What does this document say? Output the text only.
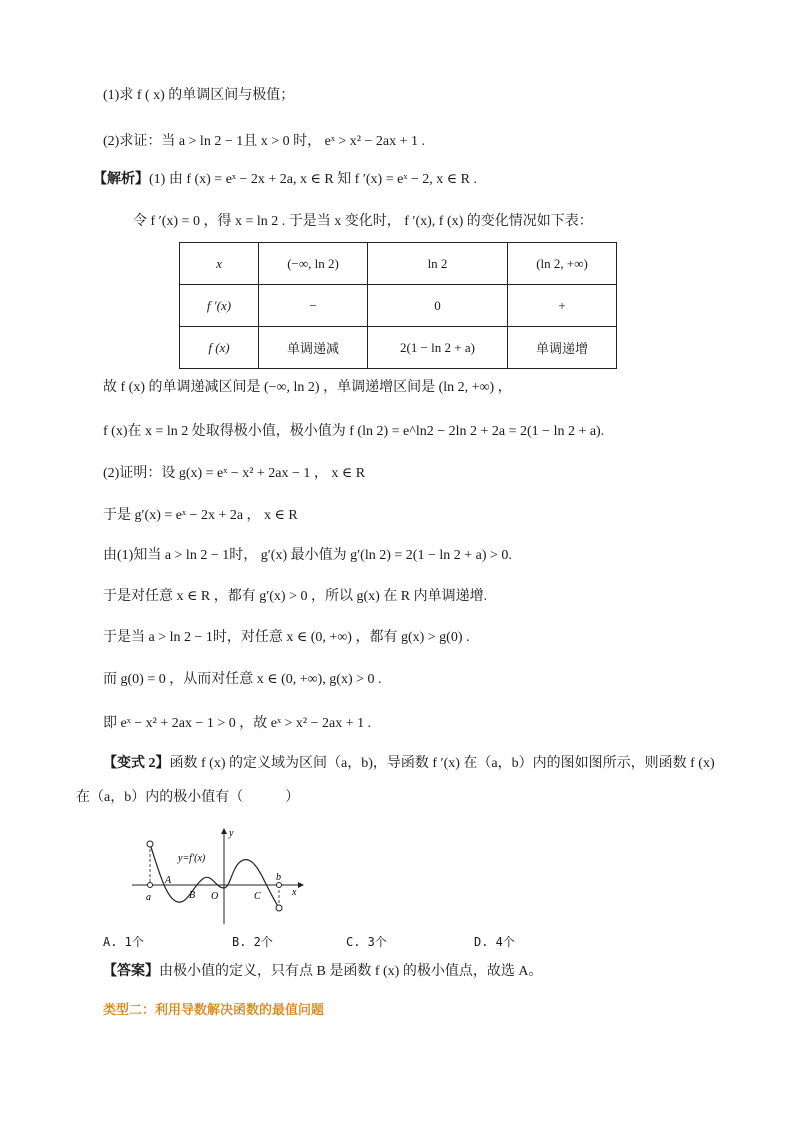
(1)求 f ( x) 的单调区间与极值；
(2)求证：当 a > ln 2 − 1且 x > 0 时， eˣ > x² − 2ax + 1 .
【解析】(1) 由 f (x) = eˣ − 2x + 2a, x ∈ R 知 f ′(x) = eˣ − 2, x ∈ R .
令 f ′(x) = 0 ，得 x = ln 2 . 于是当 x 变化时， f ′(x), f (x) 的变化情况如下表：
x	(−∞, ln 2)	ln 2	(ln 2, +∞)
f ′(x)	−	0	+
f (x)	单调递减	2(1 − ln 2 + a)	单调递增
故 f (x) 的单调递减区间是 (−∞, ln 2) ，单调递增区间是 (ln 2, +∞) ，
f (x)在 x = ln 2 处取得极小值，极小值为 f (ln 2) = e^ln2 − 2ln 2 + 2a = 2(1 − ln 2 + a).
(2)证明：设 g(x) = eˣ − x² + 2ax − 1 ， x ∈ R
于是 g′(x) = eˣ − 2x + 2a ， x ∈ R
由(1)知当 a > ln 2 − 1时， g′(x) 最小值为 g′(ln 2) = 2(1 − ln 2 + a) > 0.
于是对任意 x ∈ R ，都有 g′(x) > 0 ，所以 g(x) 在 R 内单调递增.
于是当 a > ln 2 − 1时，对任意 x ∈ (0, +∞) ，都有 g(x) > g(0) .
而 g(0) = 0 ，从而对任意 x ∈ (0, +∞), g(x) > 0 .
即 eˣ − x² + 2ax − 1 > 0 ，故 eˣ > x² − 2ax + 1 .
【变式 2】函数 f (x) 的定义域为区间（a，b)，导函数 f ′(x) 在（a，b）内的图如图所示，则函数 f (x)
在（a，b）内的极小值有（　　　）
y
x
y=f′(x)
a
b
A
B O	C
A. 1个	B. 2个	C. 3个	D. 4个
【答案】由极小值的定义，只有点 B 是函数 f (x) 的极小值点，故选 A。
类型二：利用导数解决函数的最值问题
